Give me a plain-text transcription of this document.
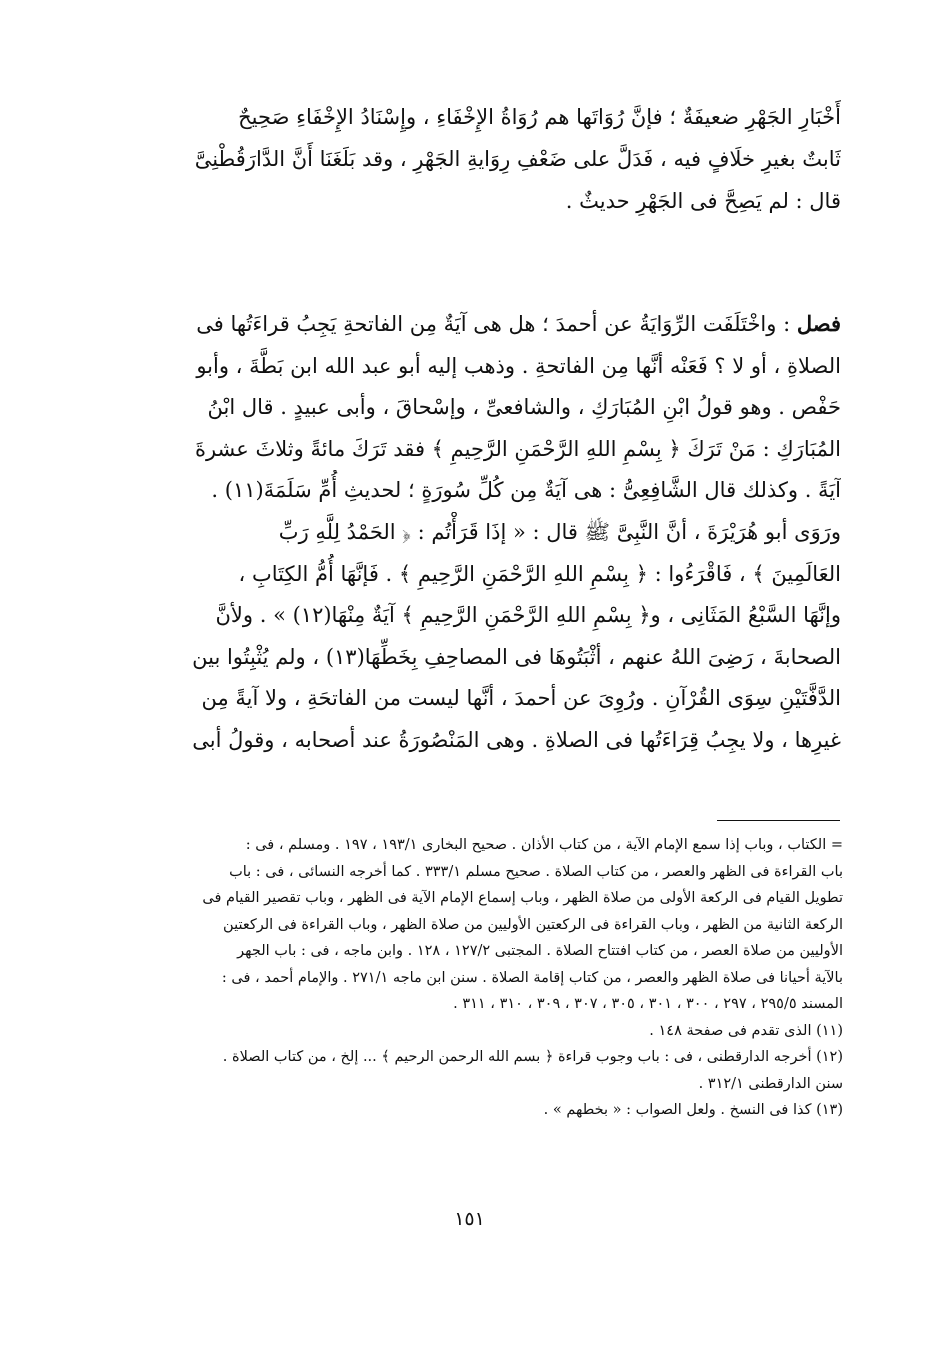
أَخْبَارِ الجَهْرِ ضعيفَةٌ ؛ فإنَّ رُوَاتَها هم رُوَاةُ الإِخْفَاءِ ، وإِسْنَادُ الإِخْفَاءِ صَحِيحٌ
ثَابتٌ بغيرِ خلَافٍ فيه ، فَدَلَّ على ضَعْفِ رِوَايةِ الجَهْرِ ، وقد بَلَغَنَا أَنَّ الدَّارَقُطْنِىَّ
قال : لم يَصِحَّ فى الجَهْرِ حديثٌ .
فصل : واخْتَلَفَت الرِّوَايَةُ عن أحمدَ ؛ هل هى آيَةٌ مِن الفاتحةِ يَجِبُ قراءَتُها فى
الصلاةِ ، أو لا ؟ فَعَنْه أنَّها مِن الفاتحةِ . وذهب إليه أبو عبد الله ابن بَطَّةَ ، وأبو
حَفْص . وهو قولُ ابْنِ المُبَارَكِ ، والشافعىِّ ، وإسْحاقَ ، وأبى عبيدٍ . قال ابْنُ
المُبَارَكِ : مَنْ تَرَكَ ﴿ بِسْمِ اللهِ الرَّحْمَنِ الرَّحِيمِ ﴾ فقد تَرَكَ مائةً وثلاثَ عشرةَ
آيَةً . وكذلك قال الشَّافِعِىُّ : هى آيَةٌ مِن كُلِّ سُورَةٍ ؛ لحديثِ أُمِّ سَلَمَةَ(١١) .
ورَوَى أبو هُرَيْرَةَ ، أنَّ النَّبِىَّ ﷺ قال : « إذَا قَرَأْتُم : ﴿ الحَمْدُ لِلَّهِ رَبِّ
العَالَمِينَ ﴾ ، فَاقْرَءُوا : ﴿ بِسْمِ اللهِ الرَّحْمَنِ الرَّحِيمِ ﴾ . فَإنَّهَا أُمُّ الكِتَابِ ،
وإنَّهَا السَّبْعُ المَثَانِى ، و﴿ بِسْمِ اللهِ الرَّحْمَنِ الرَّحِيمِ ﴾ آيَةٌ مِنْهَا(١٢) » . ولأنَّ
الصحابةَ ، رَضِىَ اللهُ عنهم ، أثْبَتُوهَا فى المصاحِفِ بِخَطِّهَا(١٣) ، ولم يُثْبِتُوا بين
الدَّفَّتَيْنِ سِوَى القُرْآنِ . ورُوِىَ عن أحمدَ ، أنَّها ليست من الفاتحَةِ ، ولا آيةً مِن
غيرِها ، ولا يجِبُ قِرَاءَتُها فى الصلاةِ . وهى المَنْصُورَةُ عند أصحابه ، وقولُ أبى
= الكتاب ، وباب إذا سمع الإمام الآية ، من كتاب الأذان . صحيح البخارى ١٩٣/١ ، ١٩٧ . ومسلم ، فى :
باب القراءة فى الظهر والعصر ، من كتاب الصلاة . صحيح مسلم ٣٣٣/١ . كما أخرجه النسائى ، فى : باب
تطويل القيام فى الركعة الأولى من صلاة الظهر ، وباب إسماع الإمام الآية فى الظهر ، وباب تقصير القيام فى
الركعة الثانية من الظهر ، وباب القراءة فى الركعتين الأوليين من صلاة الظهر ، وباب القراءة فى الركعتين
الأوليين من صلاة العصر ، من كتاب افتتاح الصلاة . المجتبى ١٢٧/٢ ، ١٢٨ . وابن ماجه ، فى : باب الجهر
بالآية أحيانا فى صلاة الظهر والعصر ، من كتاب إقامة الصلاة . سنن ابن ماجه ٢٧١/١ . والإمام أحمد ، فى :
المسند ٢٩٥/٥ ، ٢٩٧ ، ٣٠٠ ، ٣٠١ ، ٣٠٥ ، ٣٠٧ ، ٣٠٩ ، ٣١٠ ، ٣١١ .
(١١) الذى تقدم فى صفحة ١٤٨ .
(١٢) أخرجه الدارقطنى ، فى : باب وجوب قراءة ﴿ بسم الله الرحمن الرحيم ﴾ ... إلخ ، من كتاب الصلاة .
سنن الدارقطنى ٣١٢/١ .
(١٣) كذا فى النسخ . ولعل الصواب : « بخطهم » .
١٥١
